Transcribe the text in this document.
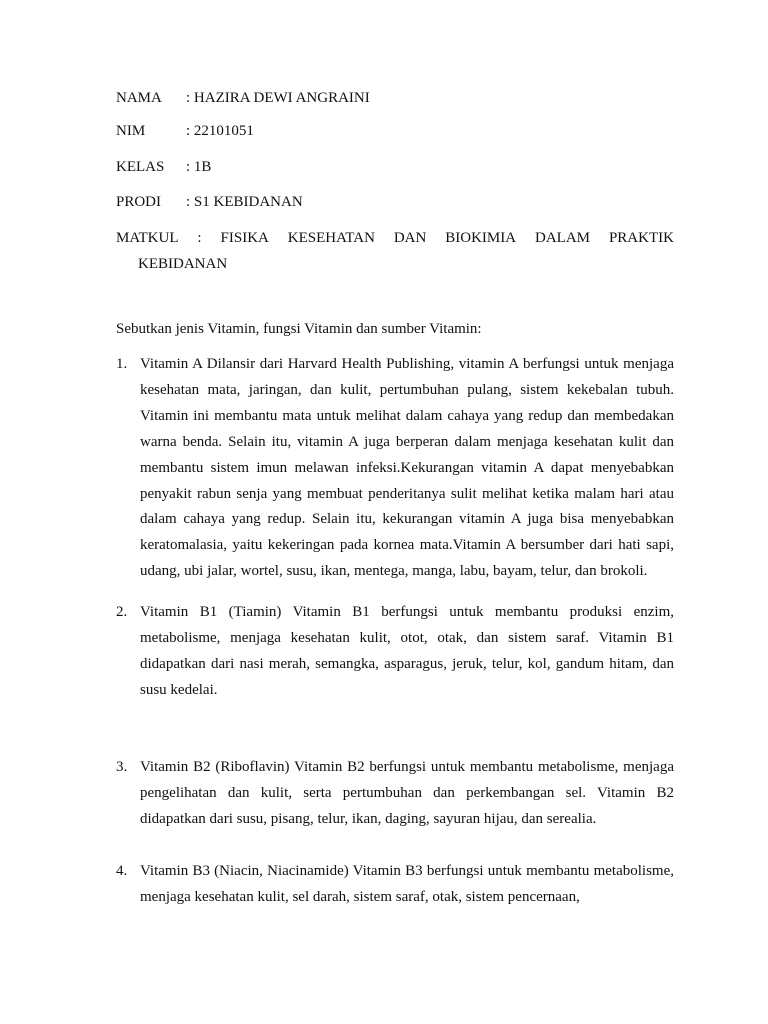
NAMA : HAZIRA DEWI ANGRAINI
NIM	: 22101051
KELAS : 1B
PRODI : S1 KEBIDANAN
MATKUL : FISIKA KESEHATAN DAN BIOKIMIA DALAM PRAKTIK
KEBIDANAN
Sebutkan jenis Vitamin, fungsi Vitamin dan sumber Vitamin:
1. Vitamin A Dilansir dari Harvard Health Publishing, vitamin A berfungsi untuk menjaga kesehatan mata, jaringan, dan kulit, pertumbuhan pulang, sistem kekebalan tubuh. Vitamin ini membantu mata untuk melihat dalam cahaya yang redup dan membedakan warna benda. Selain itu, vitamin A juga berperan dalam menjaga kesehatan kulit dan membantu sistem imun melawan infeksi.Kekurangan vitamin A dapat menyebabkan penyakit rabun senja yang membuat penderitanya sulit melihat ketika malam hari atau dalam cahaya yang redup. Selain itu, kekurangan vitamin A juga bisa menyebabkan keratomalasia, yaitu kekeringan pada kornea mata.Vitamin A bersumber dari hati sapi, udang, ubi jalar, wortel, susu, ikan, mentega, manga, labu, bayam, telur, dan brokoli.
2. Vitamin B1 (Tiamin) Vitamin B1 berfungsi untuk membantu produksi enzim, metabolisme, menjaga kesehatan kulit, otot, otak, dan sistem saraf. Vitamin B1 didapatkan dari nasi merah, semangka, asparagus, jeruk, telur, kol, gandum hitam, dan susu kedelai.
3. Vitamin B2 (Riboflavin) Vitamin B2 berfungsi untuk membantu metabolisme, menjaga pengelihatan dan kulit, serta pertumbuhan dan perkembangan sel. Vitamin B2 didapatkan dari susu, pisang, telur, ikan, daging, sayuran hijau, dan serealia.
4. Vitamin B3 (Niacin, Niacinamide) Vitamin B3 berfungsi untuk membantu metabolisme, menjaga kesehatan kulit, sel darah, sistem saraf, otak, sistem pencernaan,
